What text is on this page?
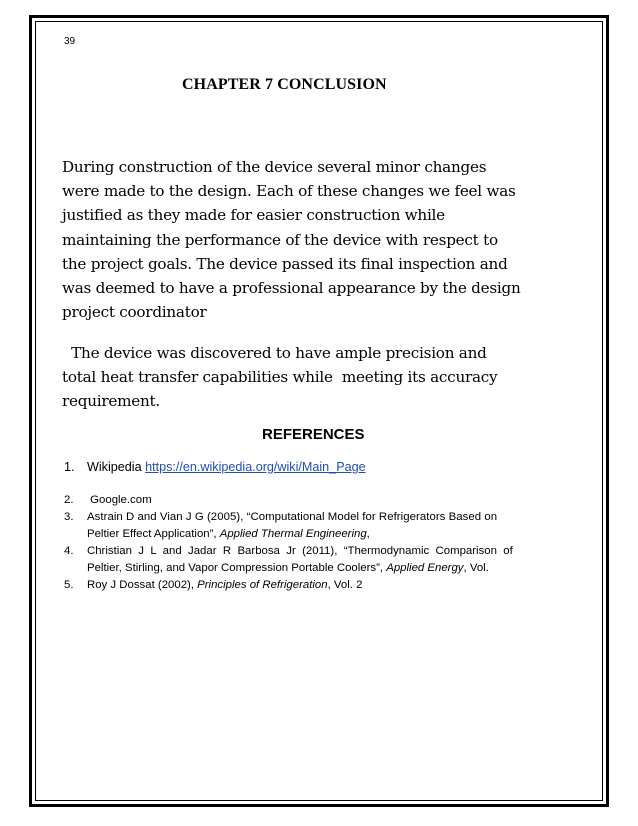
39
CHAPTER 7 CONCLUSION

During construction of the device several minor changes
were made to the design. Each of these changes we feel was
justified as they made for easier construction while
maintaining the performance of the device with respect to
the project goals. The device passed its final inspection and
was deemed to have a professional appearance by the design
project coordinator

The device was discovered to have ample precision and
total heat transfer capabilities while  meeting its accuracy
requirement.

REFERENCES
1. Wikipedia https://en.wikipedia.org/wiki/Main_Page
2. Google.com
3. Astrain D and Vian J G (2005), “Computational Model for Refrigerators Based on
Peltier Effect Application”, Applied Thermal Engineering,
4. Christian J L and Jadar R Barbosa Jr (2011), “Thermodynamic Comparison of
Peltier, Stirling, and Vapor Compression Portable Coolers”, Applied Energy, Vol.
5. Roy J Dossat (2002), Principles of Refrigeration, Vol. 2
